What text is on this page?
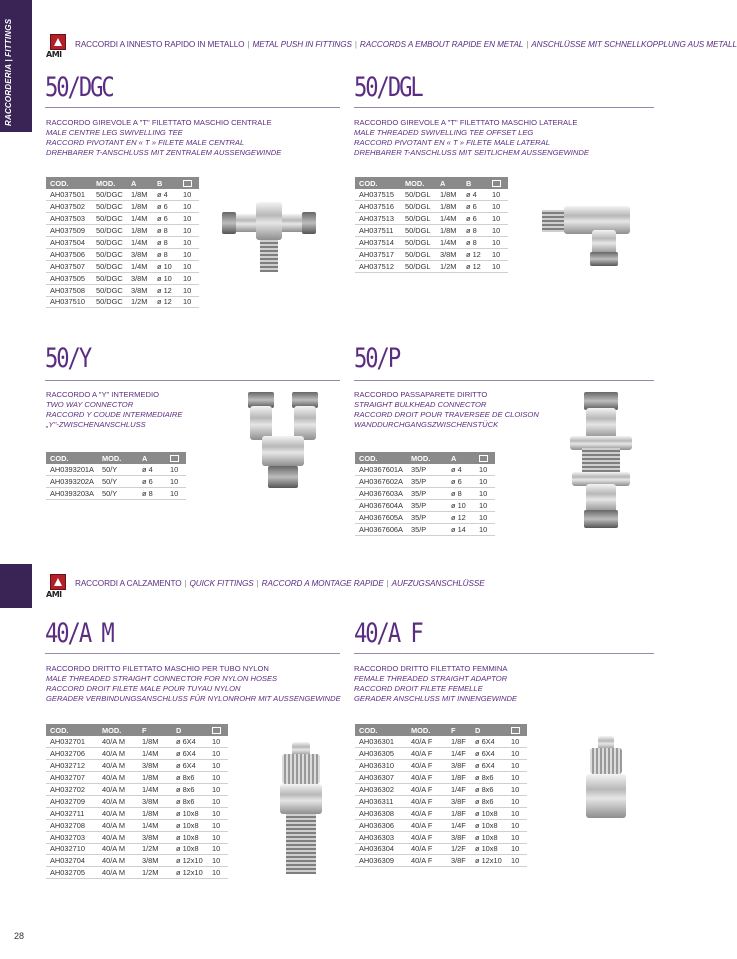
RACCORDERIA | FITTINGS	AMI
RACCORDI A INNESTO RAPIDO IN METALLO | METAL PUSH IN FITTINGS | RACCORDS A EMBOUT RAPIDE EN METAL | ANSCHLÜSSE MIT SCHNELLKOPPLUNG AUS METALL
50/DGC
RACCORDO GIREVOLE A "T" FILETTATO MASCHIO CENTRALE
MALE CENTRE LEG SWIVELLING TEE
RACCORD PIVOTANT EN « T » FILETE MALE CENTRAL
DREHBARER T-ANSCHLUSS MIT ZENTRALEM AUSSENGEWINDE
COD.	MOD.	A	B	
AH037501	50/DGC	1/8M	ø 4	10
AH037502	50/DGC	1/8M	ø 6	10
AH037503	50/DGC	1/4M	ø 6	10
AH037509	50/DGC	1/8M	ø 8	10
AH037504	50/DGC	1/4M	ø 8	10
AH037506	50/DGC	3/8M	ø 8	10
AH037507	50/DGC	1/4M	ø 10	10
AH037505	50/DGC	3/8M	ø 10	10
AH037508	50/DGC	3/8M	ø 12	10
AH037510	50/DGC	1/2M	ø 12	10
50/DGL
RACCORDO GIREVOLE A "T" FILETTATO MASCHIO LATERALE
MALE THREADED SWIVELLING TEE OFFSET LEG
RACCORD PIVOTANT EN « T » FILETE MALE LATERAL
DREHBARER T-ANSCHLUSS MIT SEITLICHEM AUSSENGEWINDE
COD.	MOD.	A	B	
AH037515	50/DGL	1/8M	ø 4	10
AH037516	50/DGL	1/8M	ø 6	10
AH037513	50/DGL	1/4M	ø 6	10
AH037511	50/DGL	1/8M	ø 8	10
AH037514	50/DGL	1/4M	ø 8	10
AH037517	50/DGL	3/8M	ø 12	10
AH037512	50/DGL	1/2M	ø 12	10
50/Y
RACCORDO A "Y" INTERMEDIO
TWO WAY CONNECTOR
RACCORD Y COUDE INTERMEDIAIRE
„Y"-ZWISCHENANSCHLUSS
COD.	MOD.	A	
AH0393201A	50/Y	ø 4	10
AH0393202A	50/Y	ø 6	10
AH0393203A	50/Y	ø 8	10
50/P
RACCORDO PASSAPARETE DIRITTO
STRAIGHT BULKHEAD CONNECTOR
RACCORD DROIT POUR TRAVERSEE DE CLOISON
WANDDURCHGANGSZWISCHENSTÜCK
COD.	MOD.	A	
AH0367601A	35/P	ø 4	10
AH0367602A	35/P	ø 6	10
AH0367603A	35/P	ø 8	10
AH0367604A	35/P	ø 10	10
AH0367605A	35/P	ø 12	10
AH0367606A	35/P	ø 14	10
AMI
RACCORDI A CALZAMENTO | QUICK FITTINGS | RACCORD A MONTAGE RAPIDE | AUFZUGSANSCHLÜSSE
40/A M
RACCORDO DRITTO FILETTATO MASCHIO PER TUBO NYLON
MALE THREADED STRAIGHT CONNECTOR FOR NYLON HOSES
RACCORD DROIT FILETE MALE POUR TUYAU NYLON
GERADER VERBINDUNGSANSCHLUSS FÜR NYLONROHR MIT AUSSENGEWINDE
COD.	MOD.	F	D	
AH032701	40/A M	1/8M	ø 6X4	10
AH032706	40/A M	1/4M	ø 6X4	10
AH032712	40/A M	3/8M	ø 6X4	10
AH032707	40/A M	1/8M	ø 8x6	10
AH032702	40/A M	1/4M	ø 8x6	10
AH032709	40/A M	3/8M	ø 8x6	10
AH032711	40/A M	1/8M	ø 10x8	10
AH032708	40/A M	1/4M	ø 10x8	10
AH032703	40/A M	3/8M	ø 10x8	10
AH032710	40/A M	1/2M	ø 10x8	10
AH032704	40/A M	3/8M	ø 12x10	10
AH032705	40/A M	1/2M	ø 12x10	10
40/A F
RACCORDO DRITTO FILETTATO FEMMINA
FEMALE THREADED STRAIGHT ADAPTOR
RACCORD DROIT FILETE FEMELLE
GERADER ANSCHLUSS MIT INNENGEWINDE
COD.	MOD.	F	D	
AH036301	40/A F	1/8F	ø 6X4	10
AH036305	40/A F	1/4F	ø 6X4	10
AH036310	40/A F	3/8F	ø 6X4	10
AH036307	40/A F	1/8F	ø 8x6	10
AH036302	40/A F	1/4F	ø 8x6	10
AH036311	40/A F	3/8F	ø 8x6	10
AH036308	40/A F	1/8F	ø 10x8	10
AH036306	40/A F	1/4F	ø 10x8	10
AH036303	40/A F	3/8F	ø 10x8	10
AH036304	40/A F	1/2F	ø 10x8	10
AH036309	40/A F	3/8F	ø 12x10	10
28
